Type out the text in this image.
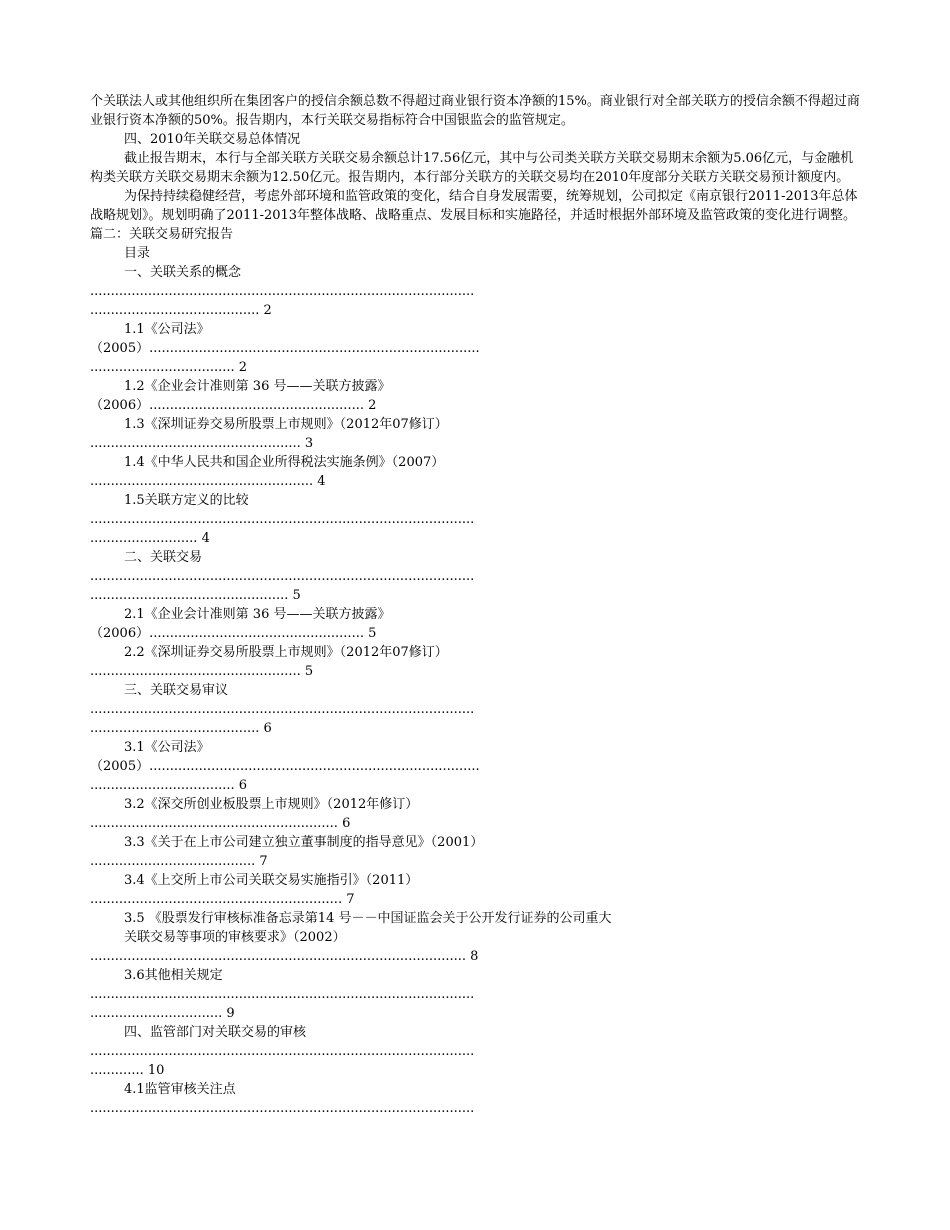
个关联法人或其他组织所在集团客户的授信余额总数不得超过商业银行资本净额的15%。商业银行对全部关联方的授信余额不得超过商业银行资本净额的50%。报告期内，本行关联交易指标符合中国银监会的监管规定。

四、2010年关联交易总体情况

截止报告期末，本行与全部关联方关联交易余额总计17.56亿元，其中与公司类关联方关联交易期末余额为5.06亿元，与金融机构类关联方关联交易期末余额为12.50亿元。报告期内，本行部分关联方的关联交易均在2010年度部分关联方关联交易预计额度内。

为保持持续稳健经营，考虑外部环境和监管政策的变化，结合自身发展需要，统筹规划，公司拟定《南京银行2011-2013年总体战略规划》。规划明确了2011-2013年整体战略、战略重点、发展目标和实施路径，并适时根据外部环境及监管政策的变化进行调整。篇二：关联交易研究报告

目录
一、关联关系的概念
.............................................................................................
......................................... 2
1.1《公司法》
（2005）................................................................................
................................... 2
1.2《企业会计准则第 36 号——关联方披露》
（2006）.................................................... 2
1.3《深圳证券交易所股票上市规则》（2012年07修订）
................................................... 3
1.4《中华人民共和国企业所得税法实施条例》（2007）
...................................................... 4
1.5关联方定义的比较
.............................................................................................
.......................... 4
二、关联交易
.............................................................................................
................................................ 5
2.1《企业会计准则第 36 号——关联方披露》
（2006）.................................................... 5
2.2《深圳证券交易所股票上市规则》（2012年07修订）
................................................... 5
三、关联交易审议
.............................................................................................
......................................... 6
3.1《公司法》
（2005）................................................................................
................................... 6
3.2《深交所创业板股票上市规则》（2012年修订）
............................................................ 6
3.3《关于在上市公司建立独立董事制度的指导意见》（2001）
........................................ 7
3.4《上交所上市公司关联交易实施指引》（2011）
............................................................. 7
3.5 《股票发行审核标准备忘录第14 号－－中国证监会关于公开发行证券的公司重大
关联交易等事项的审核要求》（2002）
........................................................................................... 8
3.6其他相关规定
.............................................................................................
................................ 9
四、监管部门对关联交易的审核
.............................................................................................
............. 10
4.1监管审核关注点
.............................................................................................
